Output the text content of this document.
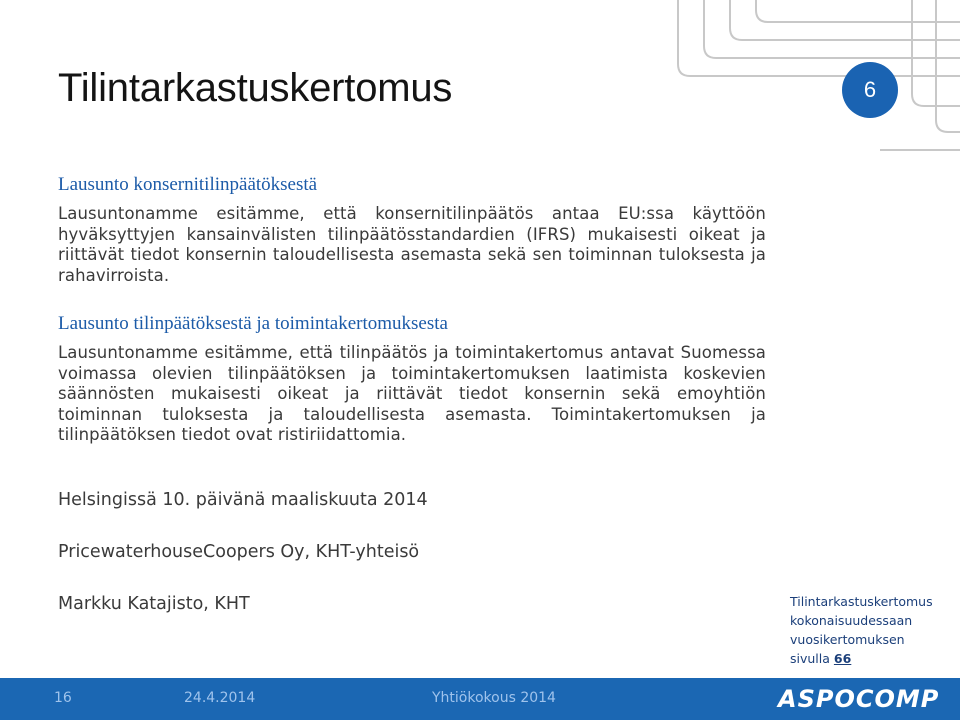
Tilintarkastuskertomus	6
Lausunto konsernitilinpäätöksestä
Lausuntonamme esitämme, että konsernitilinpäätös antaa EU:ssa käyttöön hyväksyttyjen kansainvälisten tilinpäätösstandardien (IFRS) mukaisesti oikeat ja riittävät tiedot konsernin taloudellisesta asemasta sekä sen toiminnan tuloksesta ja rahavirroista.
Lausunto tilinpäätöksestä ja toimintakertomuksesta
Lausuntonamme esitämme, että tilinpäätös ja toimintakertomus antavat Suomessa voimassa olevien tilinpäätöksen ja toimintakertomuksen laatimista koskevien säännösten mukaisesti oikeat ja riittävät tiedot konsernin sekä emoyhtiön toiminnan tuloksesta ja taloudellisesta asemasta. Toimintakertomuksen ja tilinpäätöksen tiedot ovat ristiriidattomia.
Helsingissä 10. päivänä maaliskuuta 2014
PricewaterhouseCoopers Oy, KHT-yhteisö
Markku Katajisto, KHT	Tilintarkastuskertomus
kokonaisuudessaan
vuosikertomuksen
sivulla 66
16	24.4.2014	Yhtiökokous 2014	ASPOCOMP
